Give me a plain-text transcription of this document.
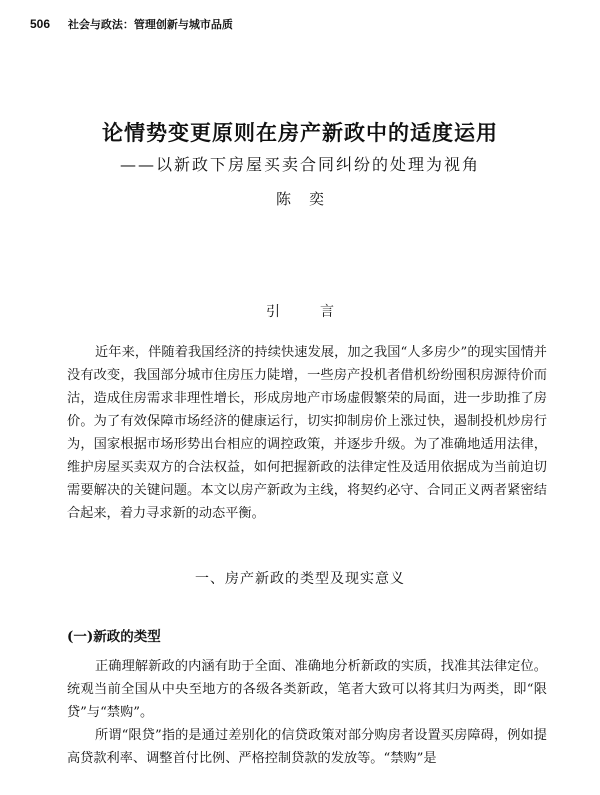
506 社会与政法：管理创新与城市品质
论情势变更原则在房产新政中的适度运用
——以新政下房屋买卖合同纠纷的处理为视角
陈奕
引言
近年来，伴随着我国经济的持续快速发展，加之我国“人多房少”的现实国情并没有改变，我国部分城市住房压力陡增，一些房产投机者借机纷纷囤积房源待价而沽，造成住房需求非理性增长，形成房地产市场虚假繁荣的局面，进一步助推了房价。为了有效保障市场经济的健康运行，切实抑制房价上涨过快，遏制投机炒房行为，国家根据市场形势出台相应的调控政策，并逐步升级。为了准确地适用法律，维护房屋买卖双方的合法权益，如何把握新政的法律定性及适用依据成为当前迫切需要解决的关键问题。本文以房产新政为主线，将契约必守、合同正义两者紧密结合起来，着力寻求新的动态平衡。
一、房产新政的类型及现实意义
(一)新政的类型
正确理解新政的内涵有助于全面、准确地分析新政的实质，找准其法律定位。统观当前全国从中央至地方的各级各类新政，笔者大致可以将其归为两类，即“限贷”与“禁购”。
所谓“限贷”指的是通过差别化的信贷政策对部分购房者设置买房障碍，例如提高贷款利率、调整首付比例、严格控制贷款的发放等。“禁购”是
